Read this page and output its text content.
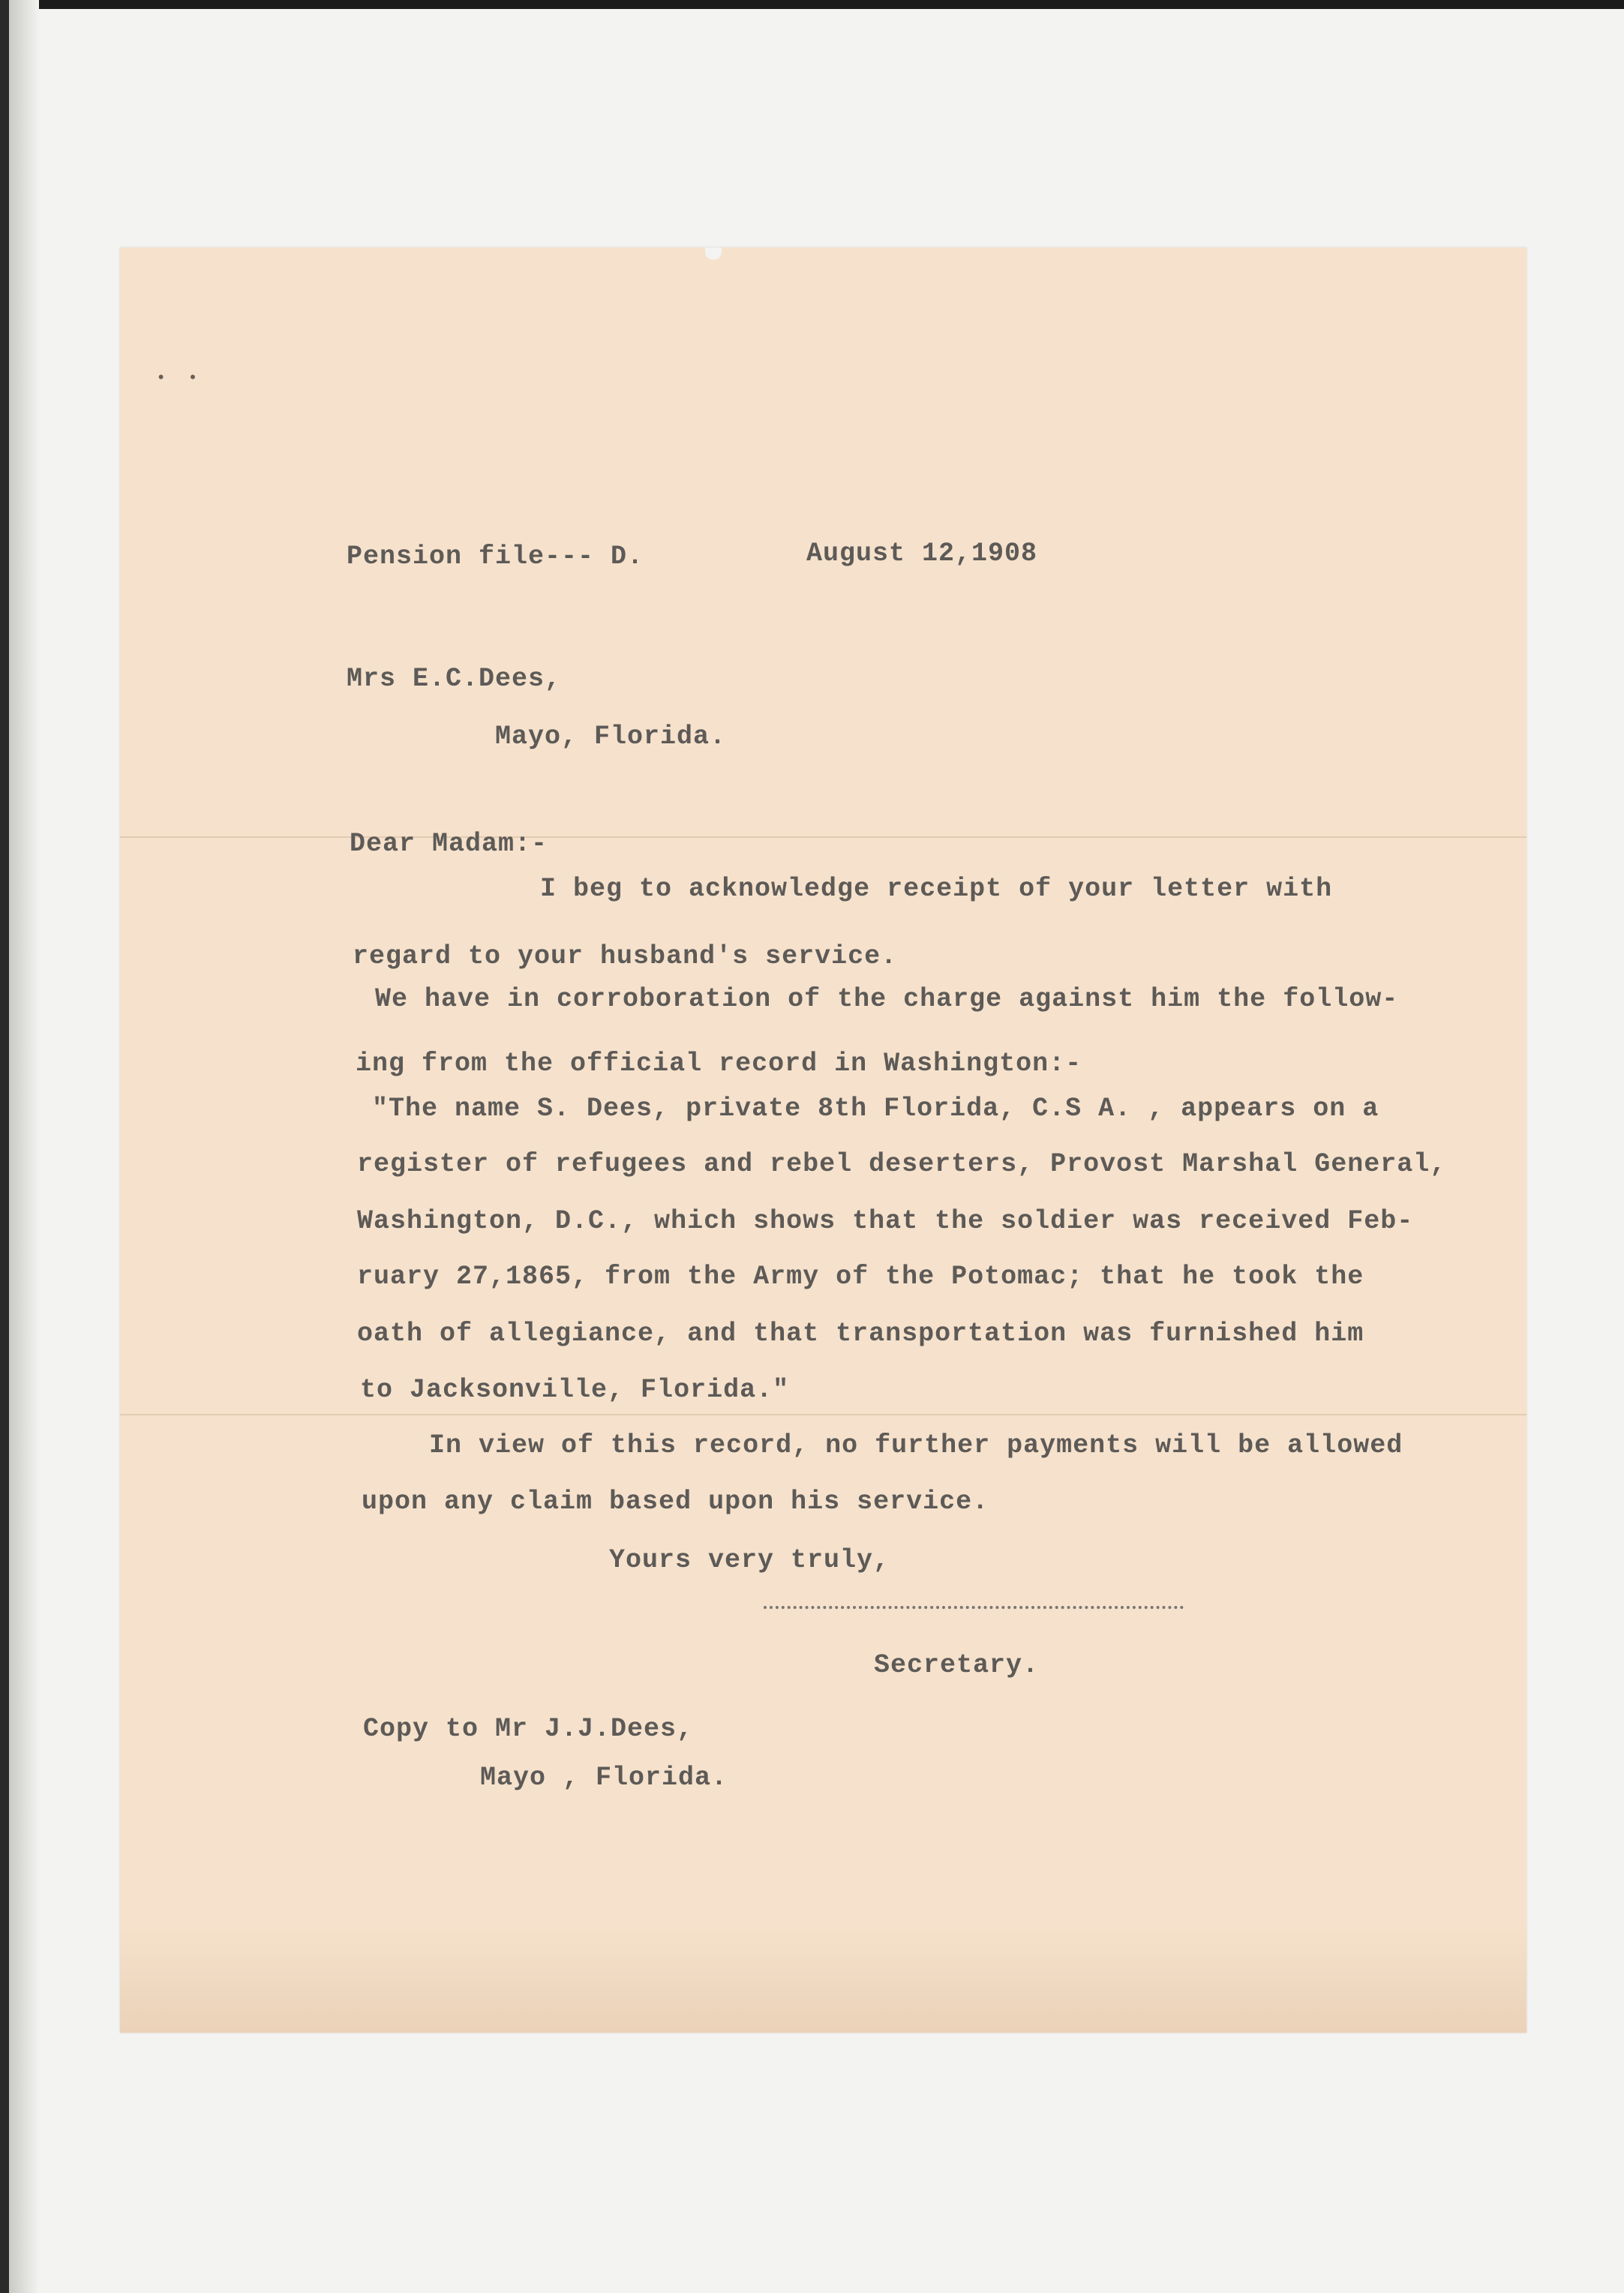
• •
Pension file--- D.	August 12,1908
Mrs E.C.Dees,
Mayo, Florida.
Dear Madam:-
I beg to acknowledge receipt of your letter with
regard to your husband's service.
We have in corroboration of the charge against him the follow-
ing from the official record in Washington:-
"The name S. Dees, private 8th Florida, C.S A. , appears on a
register of refugees and rebel deserters, Provost Marshal General,
Washington, D.C., which shows that the soldier was received Feb-
ruary 27,1865, from the Army of the Potomac; that he took the
oath of allegiance, and that transportation was furnished him
to Jacksonville, Florida."
In view of this record, no further payments will be allowed
upon any claim based upon his service.
Yours very truly,
Secretary.
Copy to Mr J.J.Dees,
Mayo , Florida.
